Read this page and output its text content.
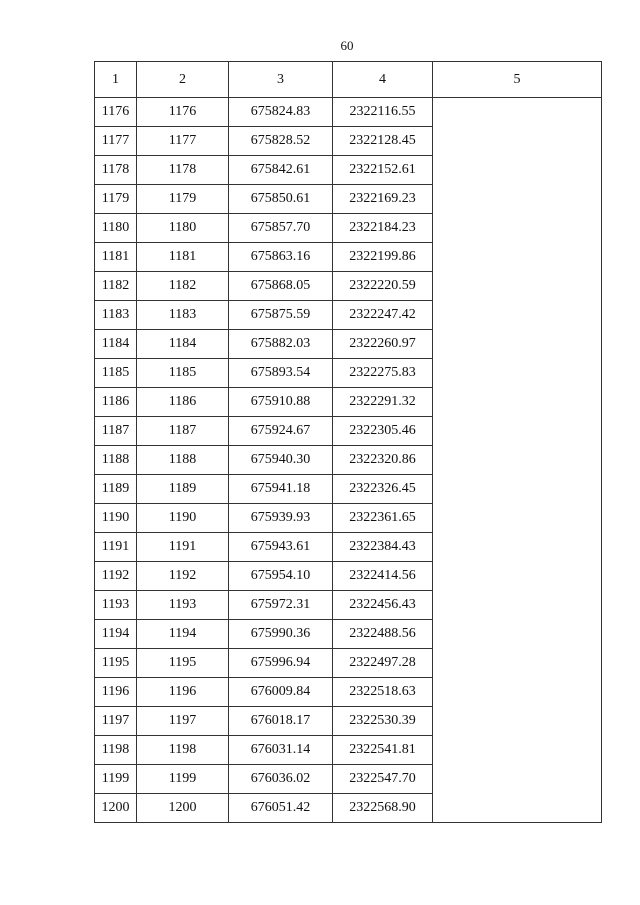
60
1	2	3	4	5
1176	1176	675824.83	2322116.55	
1177	1177	675828.52	2322128.45	
1178	1178	675842.61	2322152.61	
1179	1179	675850.61	2322169.23	
1180	1180	675857.70	2322184.23	
1181	1181	675863.16	2322199.86	
1182	1182	675868.05	2322220.59	
1183	1183	675875.59	2322247.42	
1184	1184	675882.03	2322260.97	
1185	1185	675893.54	2322275.83	
1186	1186	675910.88	2322291.32	
1187	1187	675924.67	2322305.46	
1188	1188	675940.30	2322320.86	
1189	1189	675941.18	2322326.45	
1190	1190	675939.93	2322361.65	
1191	1191	675943.61	2322384.43	
1192	1192	675954.10	2322414.56	
1193	1193	675972.31	2322456.43	
1194	1194	675990.36	2322488.56	
1195	1195	675996.94	2322497.28	
1196	1196	676009.84	2322518.63	
1197	1197	676018.17	2322530.39	
1198	1198	676031.14	2322541.81	
1199	1199	676036.02	2322547.70	
1200	1200	676051.42	2322568.90	
